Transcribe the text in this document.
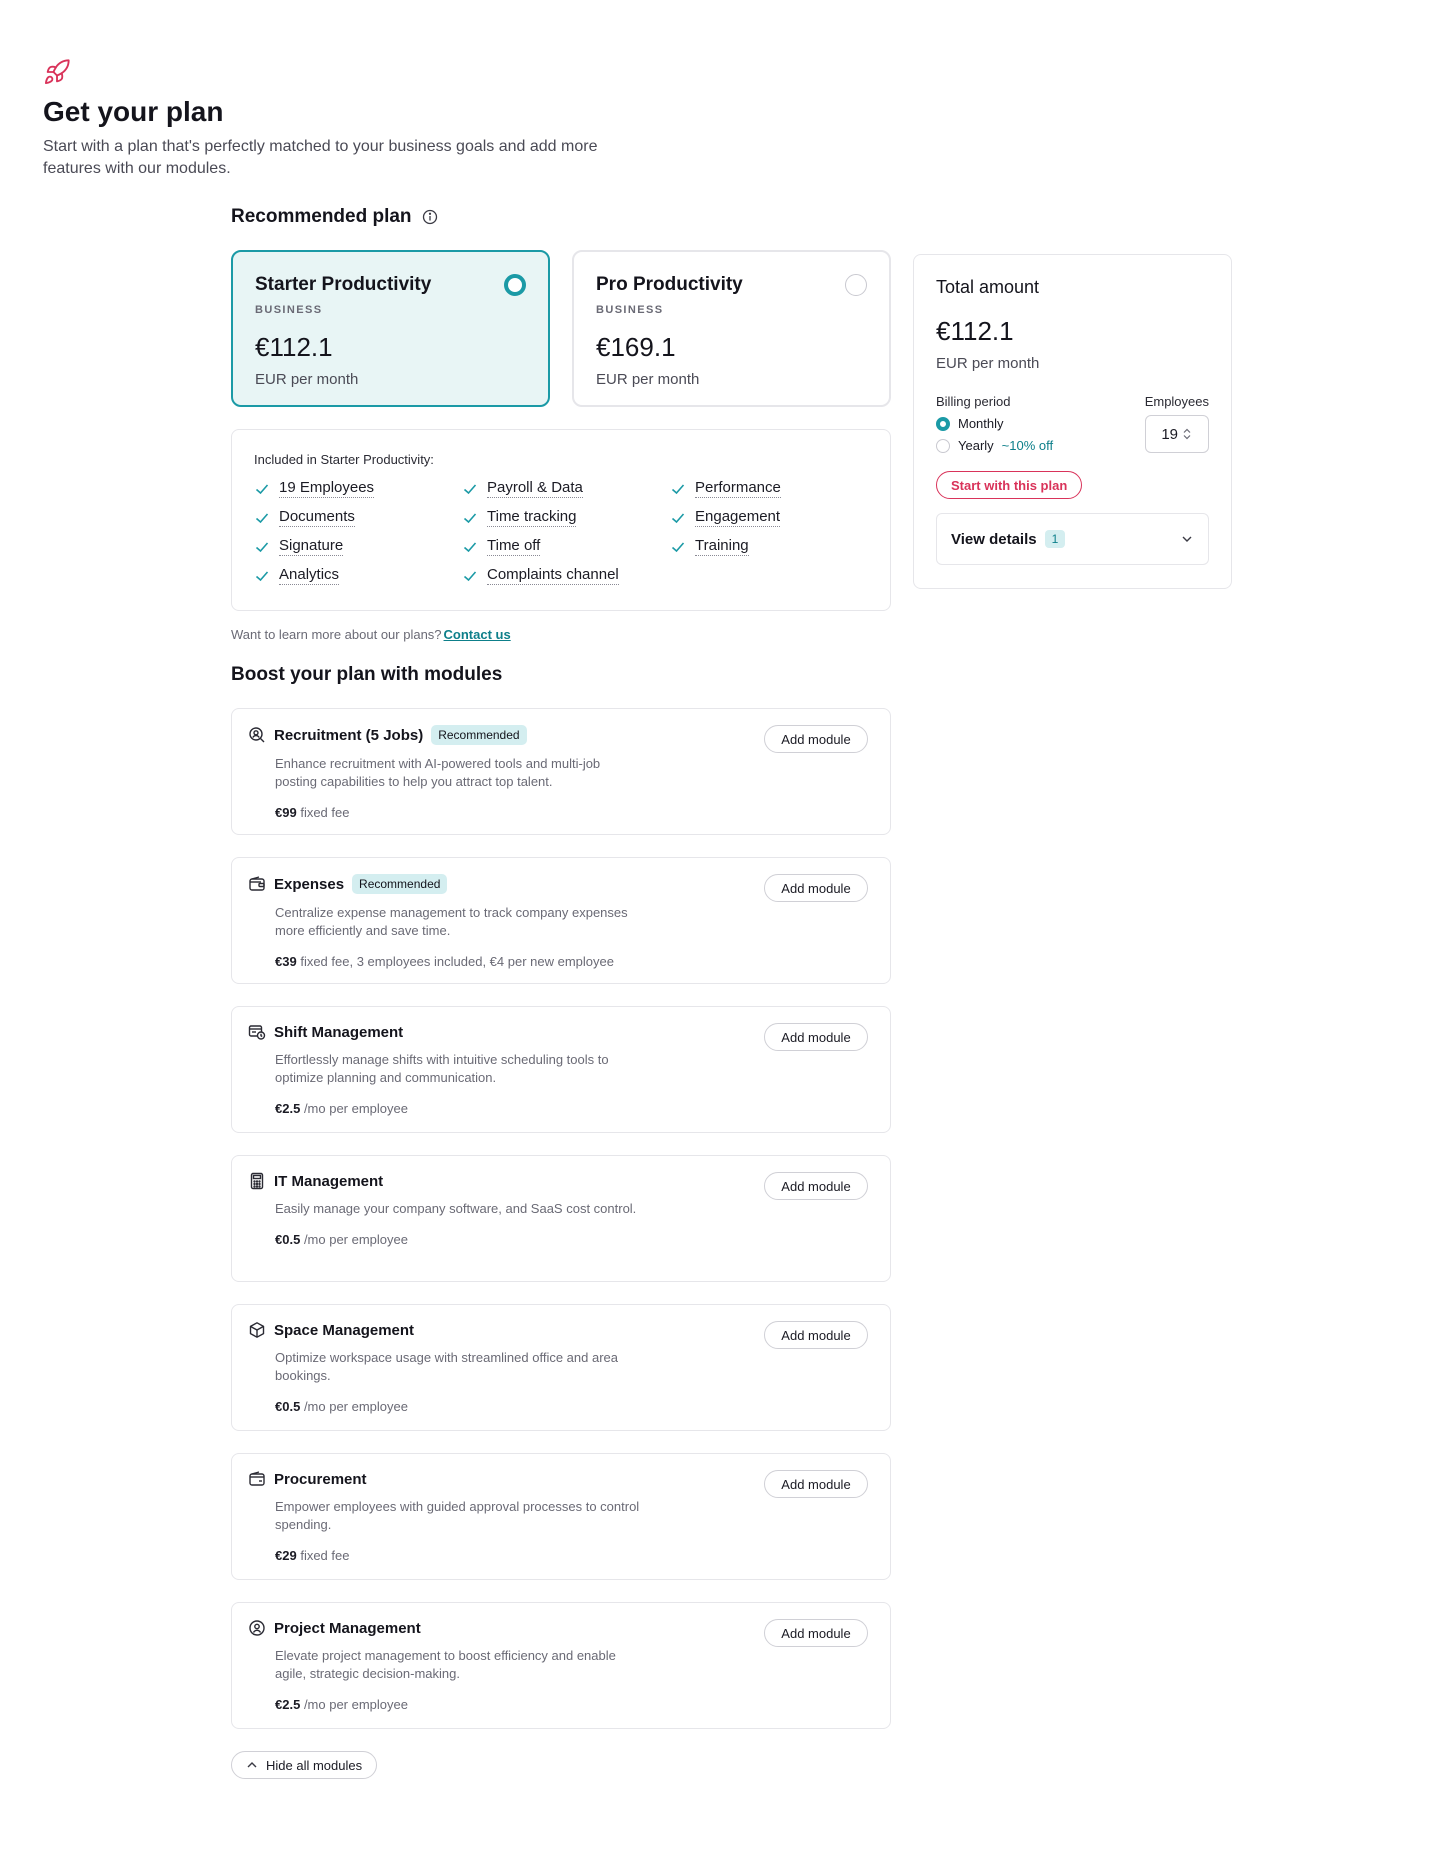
Get your plan

Start with a plan that's perfectly matched to your business goals and add more features with our modules.

Recommended plan
Starter Productivity
BUSINESS
€112.1
EUR per month
Pro Productivity
BUSINESS
€169.1
EUR per month
Included in Starter Productivity:
19 Employees	Payroll & Data	Performance
Documents	Time tracking	Engagement
Signature	Time off	Training
Analytics	Complaints channel
Want to learn more about our plans? Contact us
Boost your plan with modules
Recruitment (5 Jobs)	Recommended
Enhance recruitment with AI-powered tools and multi-job posting capabilities to help you attract top talent.
€99 fixed fee
Add module
Expenses	Recommended
Centralize expense management to track company expenses more efficiently and save time.
€39 fixed fee, 3 employees included, €4 per new employee
Add module
Shift Management
Effortlessly manage shifts with intuitive scheduling tools to optimize planning and communication.
€2.5 /mo per employee
Add module
IT Management
Easily manage your company software, and SaaS cost control.
€0.5 /mo per employee
Add module
Space Management
Optimize workspace usage with streamlined office and area bookings.
€0.5 /mo per employee
Add module
Procurement
Empower employees with guided approval processes to control spending.
€29 fixed fee
Add module
Project Management
Elevate project management to boost efficiency and enable agile, strategic decision-making.
€2.5 /mo per employee
Add module
Hide all modules
Total amount
€112.1
EUR per month
Billing period
Monthly
Yearly ~10% off
Employees
19
Start with this plan
View details	1
